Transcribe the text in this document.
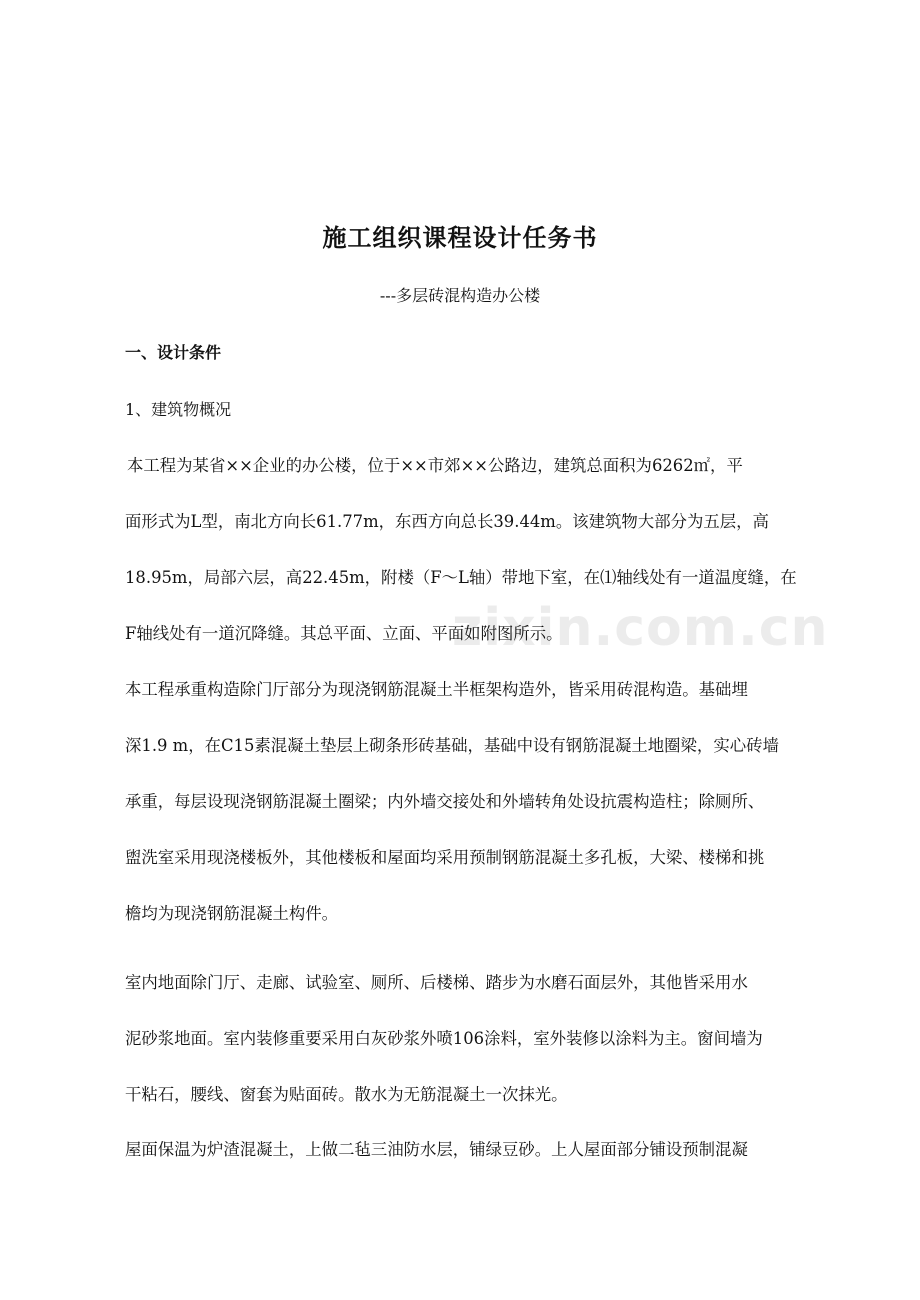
zixin.com.cn
施工组织课程设计任务书
---多层砖混构造办公楼
一、设计条件
1、建筑物概况
本工程为某省××企业的办公楼，位于××市郊××公路边，建筑总面积为6262㎡，平
面形式为L型，南北方向长61.77m，东西方向总长39.44m。该建筑物大部分为五层，高
18.95m，局部六层，高22.45m，附楼（F～L轴）带地下室，在⑴轴线处有一道温度缝，在
F轴线处有一道沉降缝。其总平面、立面、平面如附图所示。
本工程承重构造除门厅部分为现浇钢筋混凝土半框架构造外，皆采用砖混构造。基础埋
深1.9 m，在C15素混凝土垫层上砌条形砖基础，基础中设有钢筋混凝土地圈梁，实心砖墙
承重，每层设现浇钢筋混凝土圈梁；内外墙交接处和外墙转角处设抗震构造柱；除厕所、
盥洗室采用现浇楼板外，其他楼板和屋面均采用预制钢筋混凝土多孔板，大梁、楼梯和挑
檐均为现浇钢筋混凝土构件。
室内地面除门厅、走廊、试验室、厕所、后楼梯、踏步为水磨石面层外，其他皆采用水
泥砂浆地面。室内装修重要采用白灰砂浆外喷106涂料，室外装修以涂料为主。窗间墙为
干粘石，腰线、窗套为贴面砖。散水为无筋混凝土一次抹光。
屋面保温为炉渣混凝土，上做二毡三油防水层，铺绿豆砂。上人屋面部分铺设预制混凝
